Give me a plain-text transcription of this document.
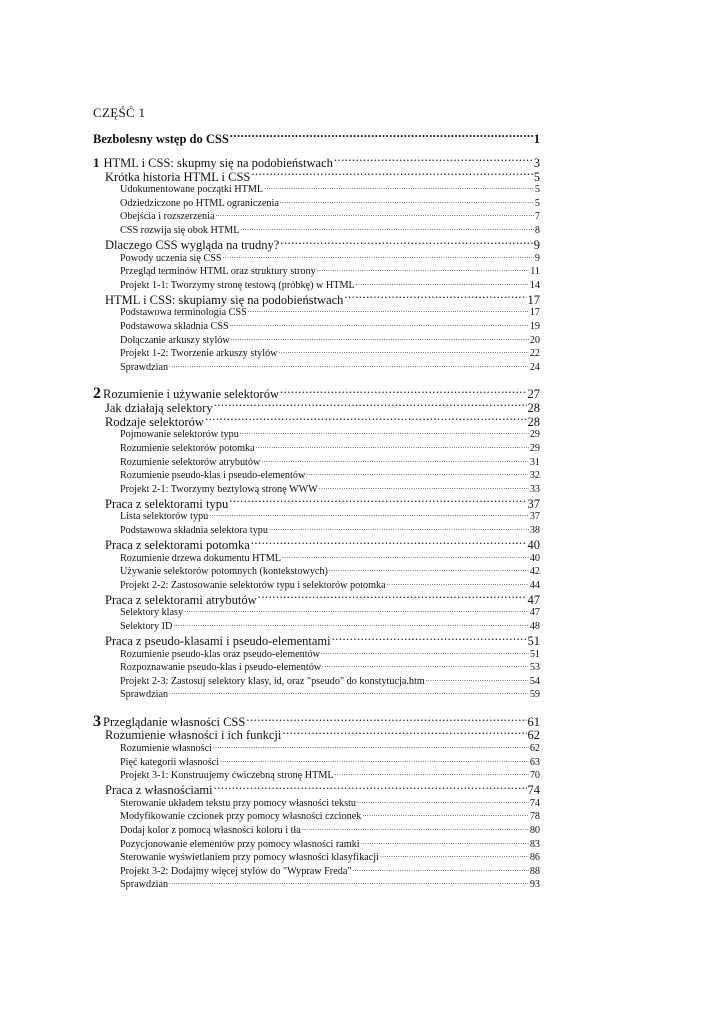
CZĘŚĆ 1
Bezbolesny wstęp do CSS .....	1
1 HTML i CSS: skupmy się na podobieństwach .....	3
Krótka historia HTML i CSS .....	5
Udokumentowane początki HTML .....	5
Odziedziczone po HTML ograniczenia .....	5
Obejścia i rozszerzenia .....	7
CSS rozwija się obok HTML .....	8
Dlaczego CSS wygląda na trudny? .....	9
Powody uczenia się CSS .....	9
Przegląd terminów HTML oraz struktury strony .....	11
Projekt 1-1: Tworzymy stronę testową (próbkę) w HTML .....	14
HTML i CSS: skupiamy się na podobieństwach .....	17
Podstawowa terminologia CSS .....	17
Podstawowa składnia CSS .....	19
Dołączanie arkuszy stylów .....	20
Projekt 1-2: Tworzenie arkuszy stylów .....	22
Sprawdzian .....	24
2 Rozumienie i używanie selektorów .....	27
Jak działają selektory .....	28
Rodzaje selektorów .....	28
Pojmowanie selektorów typu .....	29
Rozumienie selektorów potomka .....	29
Rozumienie selektorów atrybutów .....	31
Rozumienie pseudo-klas i pseudo-elementów .....	32
Projekt 2-1: Tworzymy beztylową stronę WWW .....	33
Praca z selektorami typu .....	37
Lista selektorów typu .....	37
Podstawowa składnia selektora typu .....	38
Praca z selektorami potomka .....	40
Rozumienie drzewa dokumentu HTML .....	40
Używanie selektorów potomnych (kontekstowych) .....	42
Projekt 2-2: Zastosowanie selektorów typu i selektorów potomka .....	44
Praca z selektorami atrybutów .....	47
Selektory klasy .....	47
Selektory ID .....	48
Praca z pseudo-klasami i pseudo-elementami .....	51
Rozumienie pseudo-klas oraz pseudo-elementów .....	51
Rozpoznawanie pseudo-klas i pseudo-elementów .....	53
Projekt 2-3: Zastosuj selektory klasy, id, oraz "pseudo" do konstytucja.htm .....	54
Sprawdzian .....	59
3 Przeglądanie własności CSS .....	61
Rozumienie własności i ich funkcji .....	62
Rozumienie własności .....	62
Pięć kategorii własności .....	63
Projekt 3-1: Konstruujemy ćwiczebną stronę HTML .....	70
Praca z własnościami .....	74
Sterowanie układem tekstu przy pomocy własności tekstu .....	74
Modyfikowanie czcionek przy pomocy własności czcionek .....	78
Dodaj kolor z pomocą własności koloru i tła .....	80
Pozycjonowanie elementów przy pomocy własności ramki .....	83
Sterowanie wyświetlaniem przy pomocy własności klasyfikacji .....	86
Projekt 3-2: Dodajmy więcej stylów do "Wypraw Freda" .....	88
Sprawdzian .....	93
